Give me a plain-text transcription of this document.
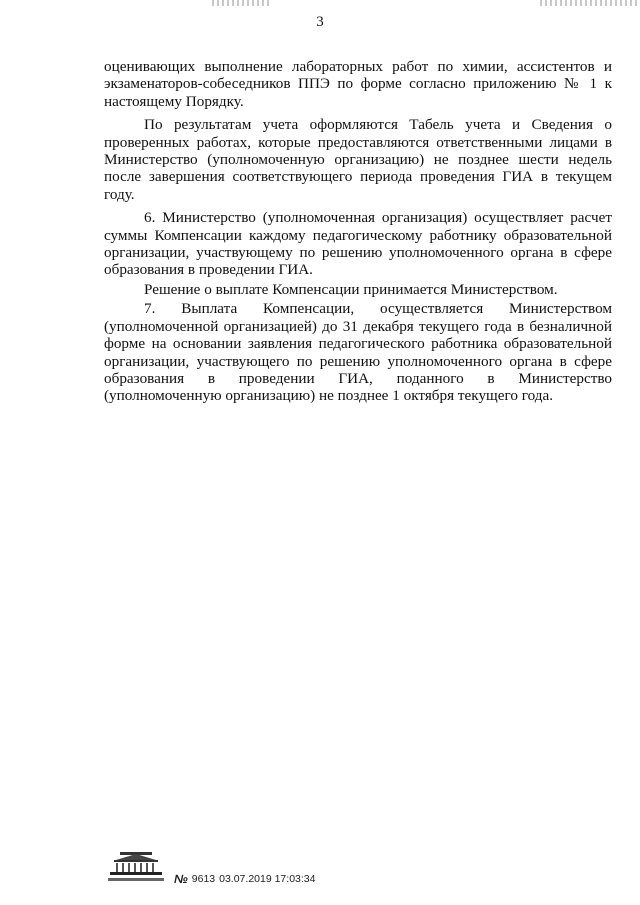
3

оценивающих выполнение лабораторных работ по химии, ассистентов и экзаменаторов-собеседников ППЭ по форме согласно приложению № 1 к настоящему Порядку.

По результатам учета оформляются Табель учета и Сведения о проверенных работах, которые предоставляются ответственными лицами в Министерство (уполномоченную организацию) не позднее шести недель после завершения соответствующего периода проведения ГИА в текущем году.

6. Министерство (уполномоченная организация) осуществляет расчет суммы Компенсации каждому педагогическому работнику образовательной организации, участвующему по решению уполномоченного органа в сфере образования в проведении ГИА.

Решение о выплате Компенсации принимается Министерством.

7. Выплата Компенсации, осуществляется Министерством (уполномоченной организацией) до 31 декабря текущего года в безналичной форме на основании заявления педагогического работника образовательной организации, участвующего по решению уполномоченного органа в сфере образования в проведении ГИА, поданного в Министерство (уполномоченную организацию) не позднее 1 октября текущего года.

№ 9613 03.07.2019 17:03:34
